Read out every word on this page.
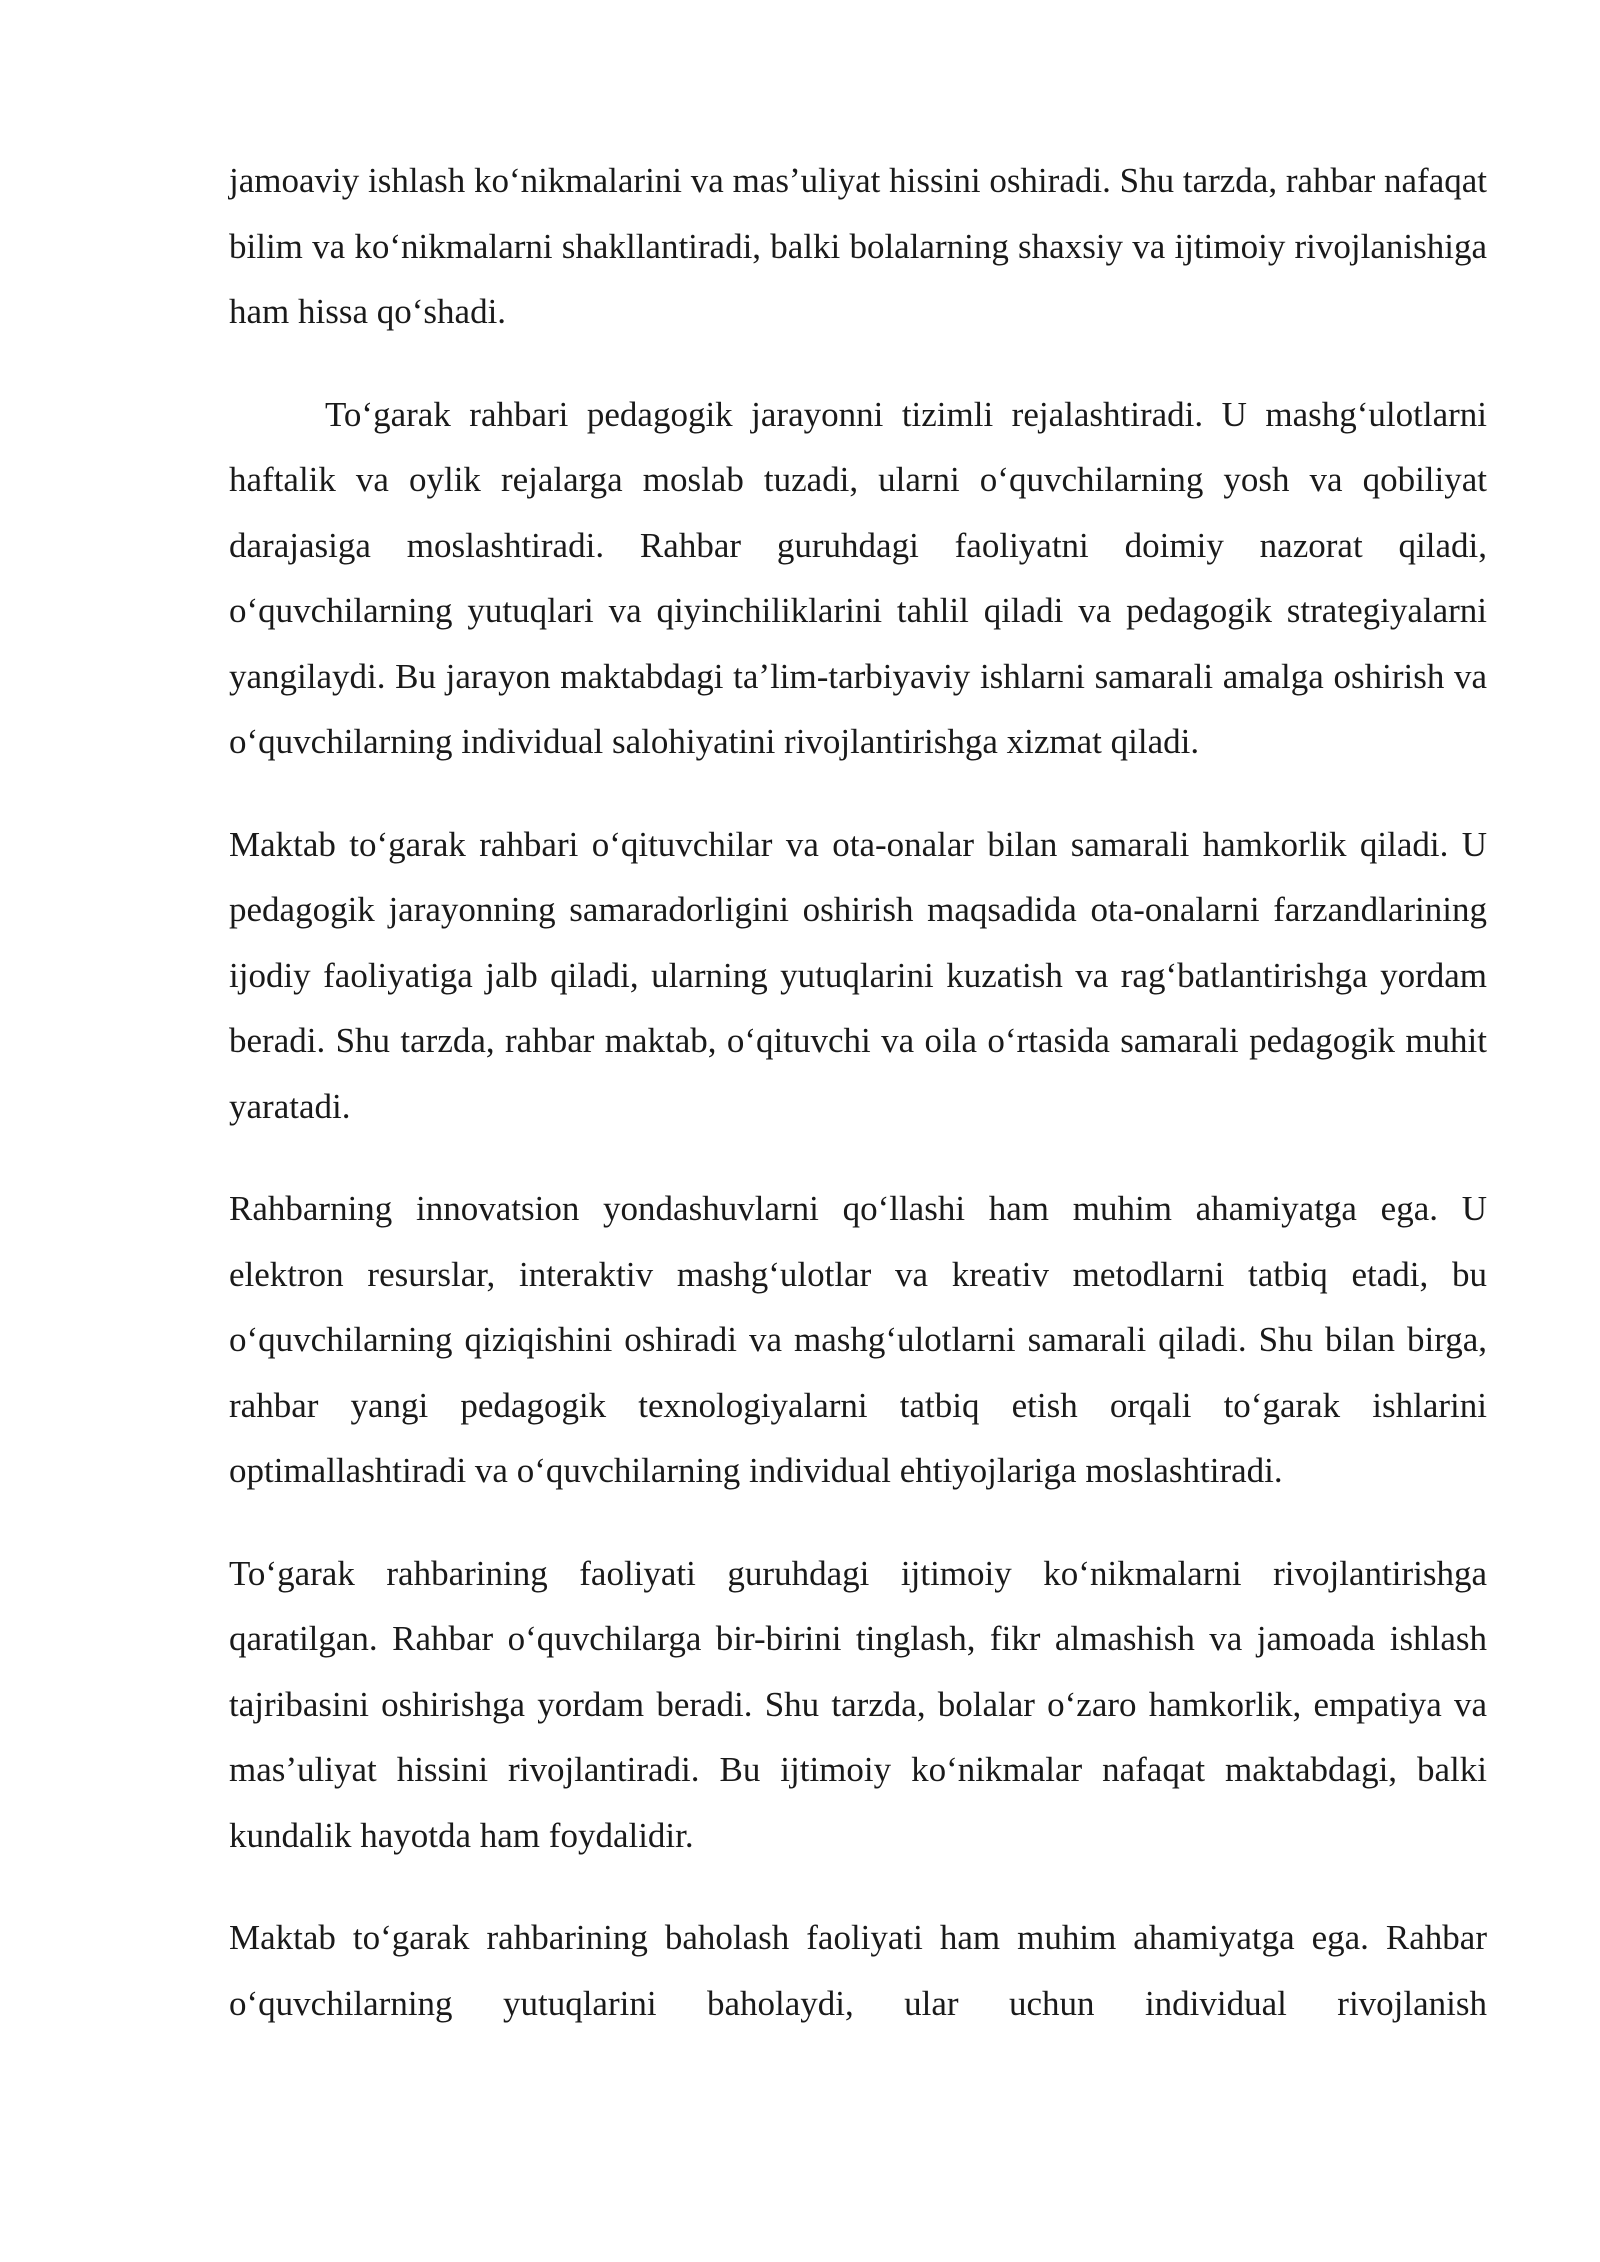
jamoaviy ishlash koʻnikmalarini va masʼuliyat hissini oshiradi. Shu tarzda, rahbar nafaqat bilim va koʻnikmalarni shakllantiradi, balki bolalarning shaxsiy va ijtimoiy rivojlanishiga ham hissa qoʻshadi.

Toʻgarak rahbari pedagogik jarayonni tizimli rejalashtiradi. U mashgʻulotlarni haftalik va oylik rejalarga moslab tuzadi, ularni oʻquvchilarning yosh va qobiliyat darajasiga moslashtiradi. Rahbar guruhdagi faoliyatni doimiy nazorat qiladi, oʻquvchilarning yutuqlari va qiyinchiliklarini tahlil qiladi va pedagogik strategiyalarni yangilaydi. Bu jarayon maktabdagi taʼlim-tarbiyaviy ishlarni samarali amalga oshirish va oʻquvchilarning individual salohiyatini rivojlantirishga xizmat qiladi.

Maktab toʻgarak rahbari oʻqituvchilar va ota-onalar bilan samarali hamkorlik qiladi. U pedagogik jarayonning samaradorligini oshirish maqsadida ota-onalarni farzandlarining ijodiy faoliyatiga jalb qiladi, ularning yutuqlarini kuzatish va ragʻbatlantirishga yordam beradi. Shu tarzda, rahbar maktab, oʻqituvchi va oila oʻrtasida samarali pedagogik muhit yaratadi.

Rahbarning innovatsion yondashuvlarni qoʻllashi ham muhim ahamiyatga ega. U elektron resurslar, interaktiv mashgʻulotlar va kreativ metodlarni tatbiq etadi, bu oʻquvchilarning qiziqishini oshiradi va mashgʻulotlarni samarali qiladi. Shu bilan birga, rahbar yangi pedagogik texnologiyalarni tatbiq etish orqali toʻgarak ishlarini optimallashtiradi va oʻquvchilarning individual ehtiyojlariga moslashtiradi.

Toʻgarak rahbarining faoliyati guruhdagi ijtimoiy koʻnikmalarni rivojlantirishga qaratilgan. Rahbar oʻquvchilarga bir-birini tinglash, fikr almashish va jamoada ishlash tajribasini oshirishga yordam beradi. Shu tarzda, bolalar oʻzaro hamkorlik, empatiya va masʼuliyat hissini rivojlantiradi. Bu ijtimoiy koʻnikmalar nafaqat maktabdagi, balki kundalik hayotda ham foydalidir.

Maktab toʻgarak rahbarining baholash faoliyati ham muhim ahamiyatga ega. Rahbar oʻquvchilarning yutuqlarini baholaydi, ular uchun individual rivojlanish
